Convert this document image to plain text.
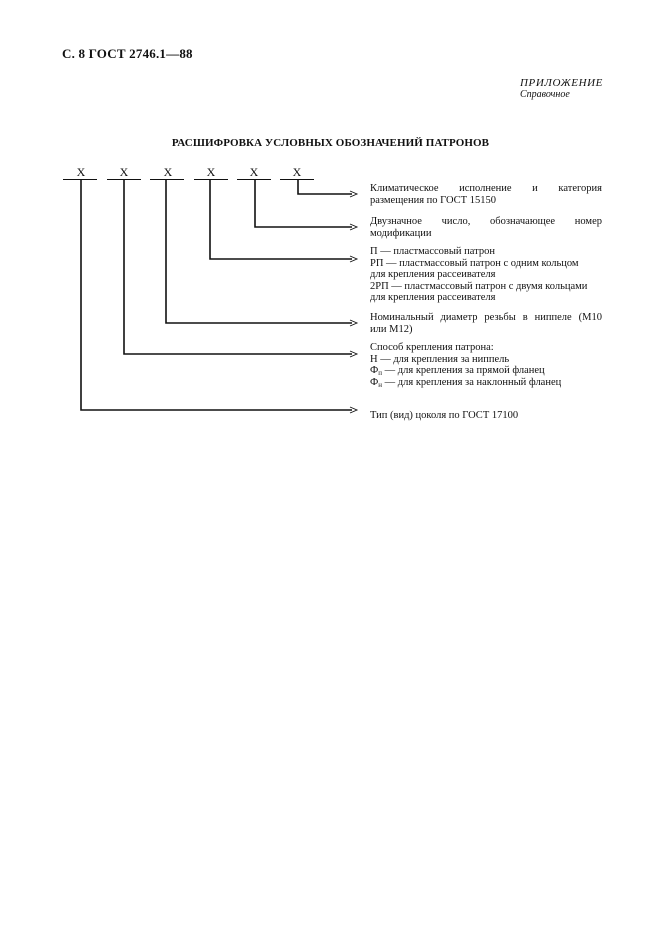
С. 8 ГОСТ 2746.1—88
ПРИЛОЖЕНИЕ
Справочное
РАСШИФРОВКА УСЛОВНЫХ ОБОЗНАЧЕНИЙ ПАТРОНОВ
Х	Х	Х	Х	Х	Х
Климатическое исполнение и категория
размещения по ГОСТ 15150
Двузначное число, обозначающее номер
модификации
П — пластмассовый патрон
РП — пластмассовый патрон с одним кольцом
для крепления рассеивателя
2РП — пластмассовый патрон с двумя кольцами
для крепления рассеивателя
Номинальный диаметр резьбы в ниппеле (М10
или М12)
Способ крепления патрона:
Н — для крепления за ниппель
$Ф_п$ — для крепления за прямой фланец
$Ф_н$ — для крепления за наклонный фланец
Тип (вид) цоколя по ГОСТ 17100
